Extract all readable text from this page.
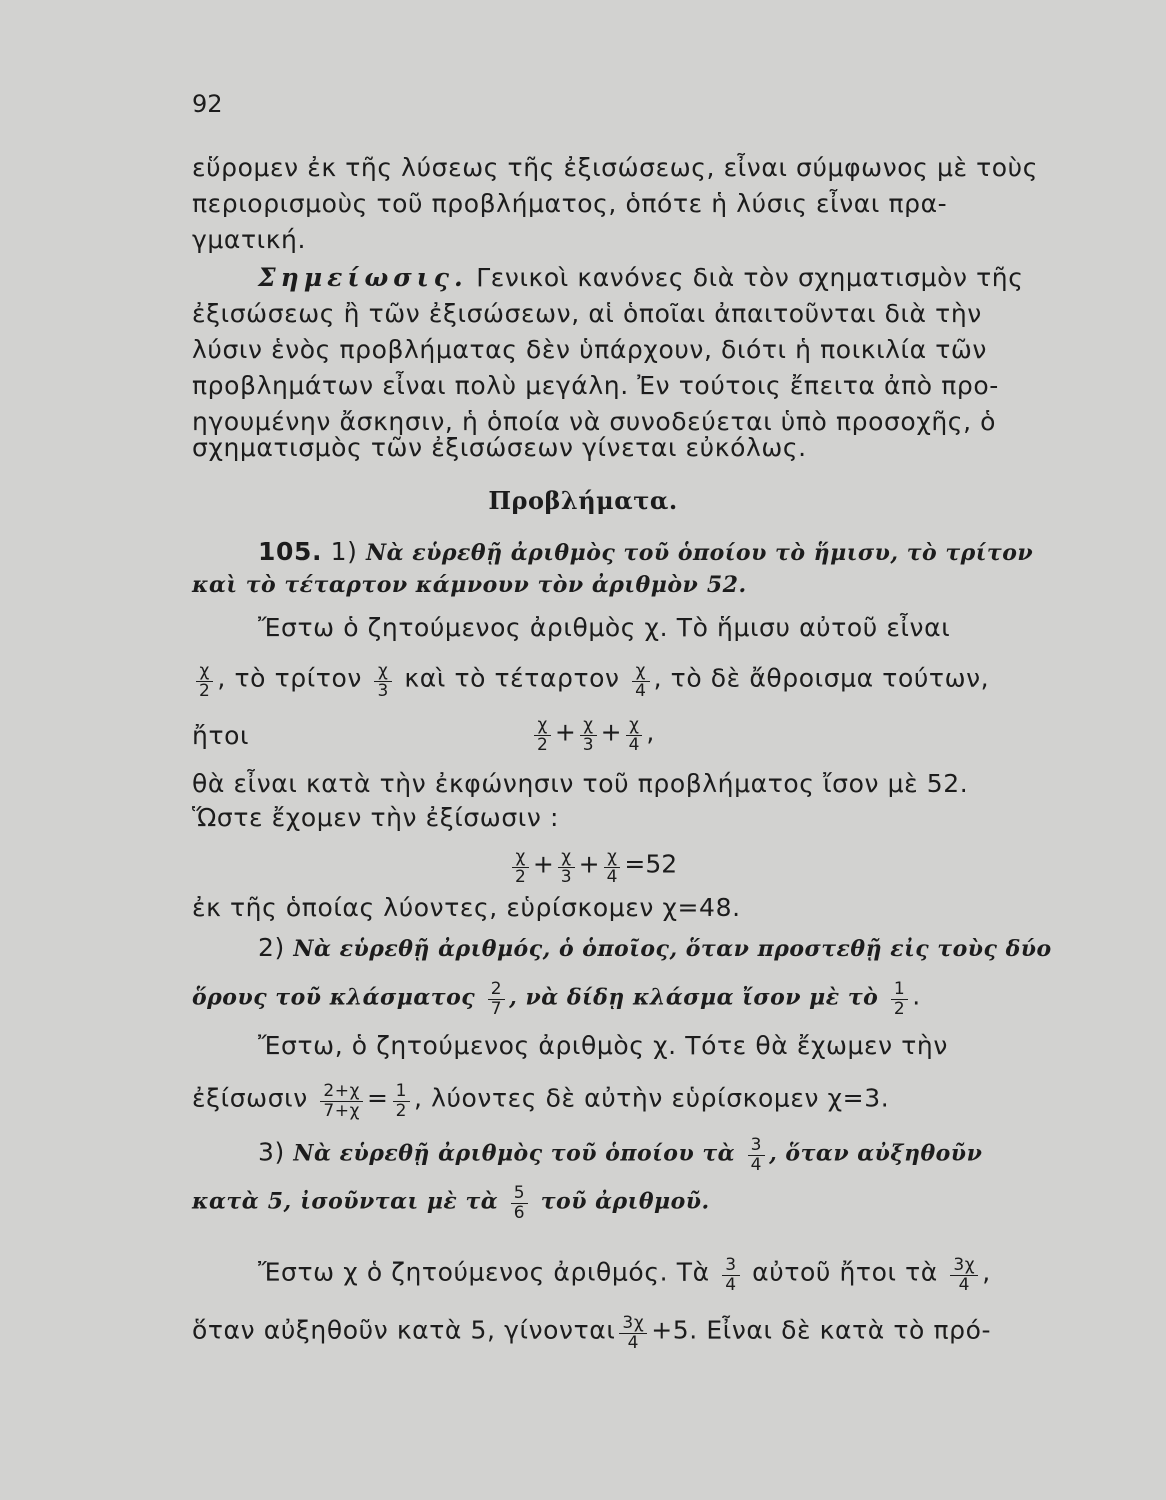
92
εὕρομεν ἐκ τῆς λύσεως τῆς ἐξισώσεως, εἶναι σύμφωνος μὲ τοὺς
περιορισμοὺς τοῦ προβλήματος, ὁπότε ἡ λύσις εἶναι πρα-
γματική.
Σημείωσις. Γενικοὶ κανόνες διὰ τὸν σχηματισμὸν τῆς
ἐξισώσεως ἢ τῶν ἐξισώσεων, αἱ ὁποῖαι ἀπαιτοῦνται διὰ τὴν
λύσιν ἑνὸς προβλήματας δὲν ὑπάρχουν, διότι ἡ ποικιλία τῶν
προβλημάτων εἶναι πολὺ μεγάλη. Ἐν τούτοις ἔπειτα ἀπὸ προ-
ηγουμένην ἄσκησιν, ἡ ὁποία νὰ συνοδεύεται ὑπὸ προσοχῆς, ὁ
σχηματισμὸς τῶν ἐξισώσεων γίνεται εὐκόλως.
Προβλήματα.
105. 1) Νὰ εὑρεθῇ ἀριθμὸς τοῦ ὁποίου τὸ ἥμισυ, τὸ τρίτον
καὶ τὸ τέταρτον κάμνουν τὸν ἀριθμὸν 52.
Ἔστω ὁ ζητούμενος ἀριθμὸς χ. Τὸ ἥμισυ αὐτοῦ εἶναι
$\frac{\chi}{2}$ , τὸ τρίτον $\frac{\chi}{3}$ καὶ τὸ τέταρτον $\frac{\chi}{4}$ , τὸ δὲ ἄθροισμα τούτων,
ἤτοι	$\frac{\chi}{2} + \frac{\chi}{3} + \frac{\chi}{4}$ ,
θὰ εἶναι κατὰ τὴν ἐκφώνησιν τοῦ προβλήματος ἴσον μὲ 52.
Ὥστε ἔχομεν τὴν ἐξίσωσιν :
$\frac{\chi}{2} + \frac{\chi}{3} + \frac{\chi}{4} =52$
ἐκ τῆς ὁποίας λύοντες, εὑρίσκομεν χ=48.
2) Νὰ εὑρεθῇ ἀριθμός, ὁ ὁποῖος, ὅταν προστεθῇ εἰς τοὺς δύο
ὅρους τοῦ κλάσματος $\frac{2}{7}$ , νὰ δίδῃ κλάσμα ἴσον μὲ τὸ $\frac{1}{2}$ .
Ἔστω, ὁ ζητούμενος ἀριθμὸς χ. Τότε θὰ ἔχωμεν τὴν
ἐξίσωσιν $\frac{2+\chi}{7+\chi} = \frac{1}{2}$ , λύοντες δὲ αὐτὴν εὑρίσκομεν χ=3.
3) Νὰ εὑρεθῇ ἀριθμὸς τοῦ ὁποίου τὰ $\frac{3}{4}$ , ὅταν αὐξηθοῦν
κατὰ 5, ἰσοῦνται μὲ τὰ $\frac{5}{6}$ τοῦ ἀριθμοῦ.
Ἔστω χ ὁ ζητούμενος ἀριθμός. Τὰ $\frac{3}{4}$ αὐτοῦ ἤτοι τὰ $\frac{3\chi}{4}$ ,
ὅταν αὐξηθοῦν κατὰ 5, γίνονται $\frac{3\chi}{4} +5$. Εἶναι δὲ κατὰ τὸ πρό-
